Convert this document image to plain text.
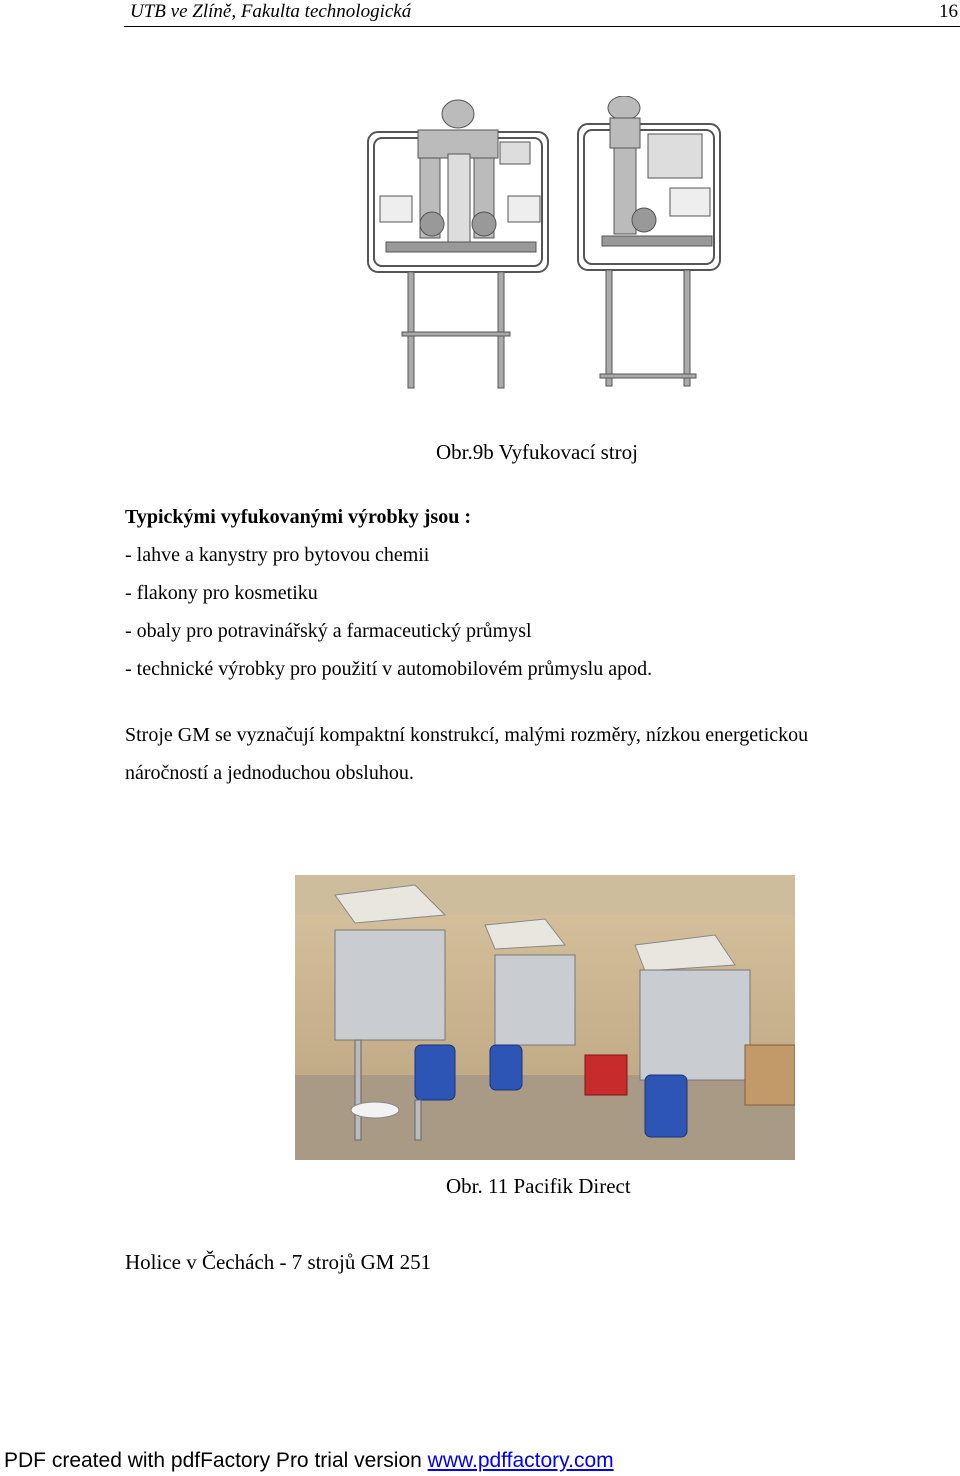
UTB ve Zlíně, Fakulta technologická	16
Obr.9b Vyfukovací stroj
Typickými vyfukovanými výrobky jsou :
- lahve a kanystry pro bytovou chemii
- flakony pro kosmetiku
- obaly pro potravinářský a farmaceutický průmysl
- technické výrobky pro použití v automobilovém průmyslu apod.
Stroje GM se vyznačují kompaktní konstrukcí, malými rozměry, nízkou energetickou
náročností a jednoduchou obsluhou.
Obr. 11 Pacifik Direct
Holice v Čechách - 7 strojů GM 251
PDF created with pdfFactory Pro trial version www.pdffactory.com
